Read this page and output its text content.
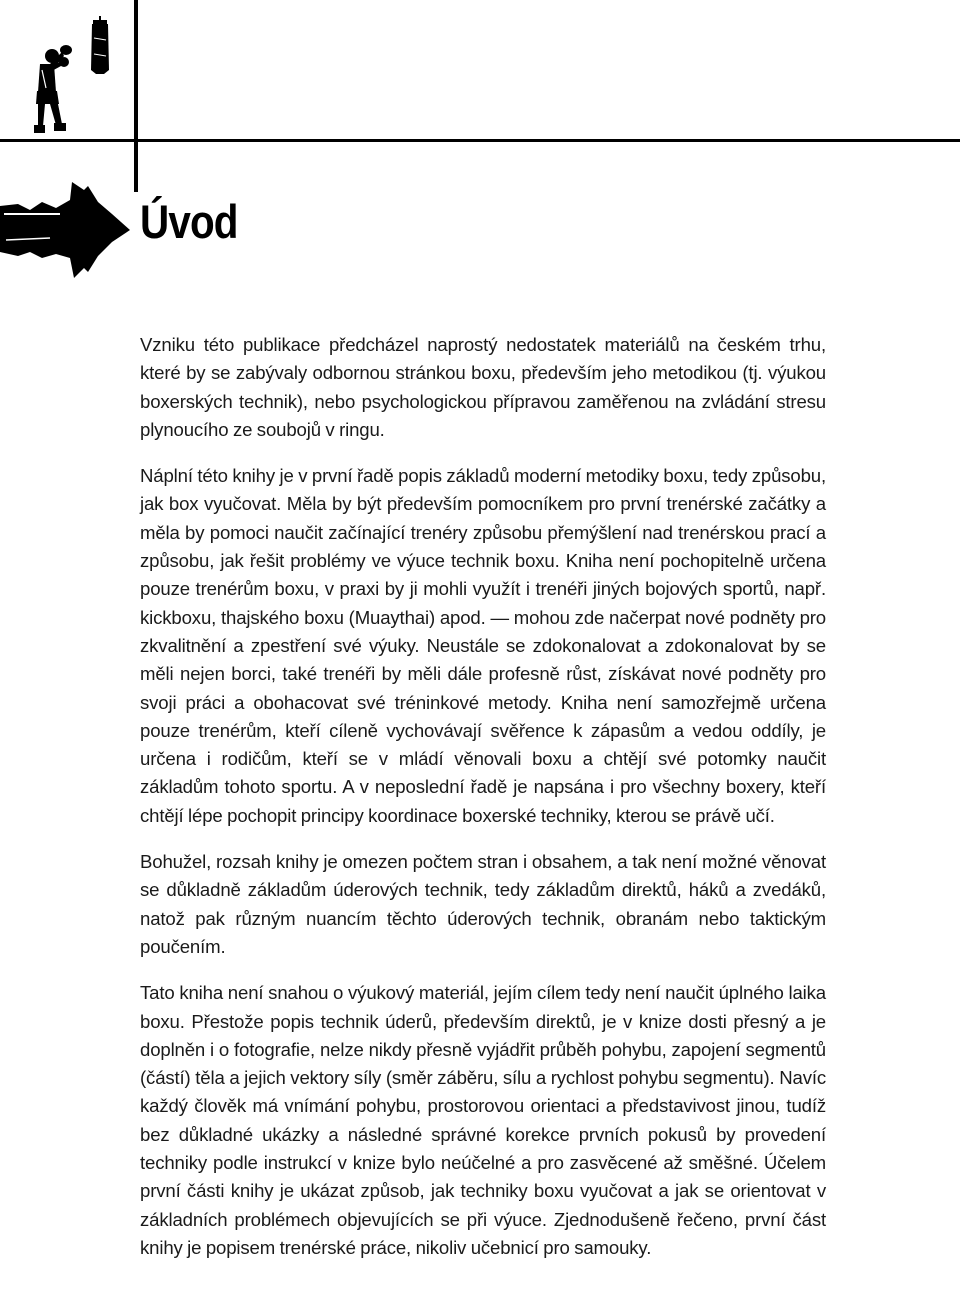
Úvod

Vzniku této publikace předcházel naprostý nedostatek materiálů na českém trhu, které by se zabývaly odbornou stránkou boxu, především jeho metodikou (tj. výukou boxerských technik), nebo psychologickou přípravou zaměřenou na zvládání stresu plynoucího ze soubojů v ringu.

Náplní této knihy je v první řadě popis základů moderní metodiky boxu, tedy způsobu, jak box vyučovat. Měla by být především pomocníkem pro první trenérské začátky a měla by pomoci naučit začínající trenéry způsobu přemýšlení nad trenérskou prací a způsobu, jak řešit problémy ve výuce technik boxu. Kniha není pochopitelně určena pouze trenérům boxu, v praxi by ji mohli využít i trenéři jiných bojových sportů, např. kickboxu, thajského boxu (Muaythai) apod. — mohou zde načerpat nové podněty pro zkvalitnění a zpestření své výuky. Neustále se zdokonalovat a zdokonalovat by se měli nejen borci, také trenéři by měli dále profesně růst, získávat nové podněty pro svoji práci a obohacovat své tréninkové metody. Kniha není samozřejmě určena pouze trenérům, kteří cíleně vychovávají svěřence k zápasům a vedou oddíly, je určena i rodičům, kteří se v mládí věnovali boxu a chtějí své potomky naučit základům tohoto sportu. A v neposlední řadě je napsána i pro všechny boxery, kteří chtějí lépe pochopit principy koordinace boxerské techniky, kterou se právě učí.

Bohužel, rozsah knihy je omezen počtem stran i obsahem, a tak není možné věnovat se důkladně základům úderových technik, tedy základům direktů, háků a zvedáků, natož pak různým nuancím těchto úderových technik, obranám nebo taktickým poučením.

Tato kniha není snahou o výukový materiál, jejím cílem tedy není naučit úplného laika boxu. Přestože popis technik úderů, především direktů, je v knize dosti přesný a je doplněn i o fotografie, nelze nikdy přesně vyjádřit průběh pohybu, zapojení segmentů (částí) těla a jejich vektory síly (směr záběru, sílu a rychlost pohybu segmentu). Navíc každý člověk má vnímání pohybu, prostorovou orientaci a představivost jinou, tudíž bez důkladné ukázky a následné správné korekce prvních pokusů by provedení techniky podle instrukcí v knize bylo neúčelné a pro zasvěcené až směšné. Účelem první části knihy je ukázat způsob, jak techniky boxu vyučovat a jak se orientovat v základních problémech objevujících se při výuce. Zjednodušeně řečeno, první část knihy je popisem trenérské práce, nikoliv učebnicí pro samouky.
